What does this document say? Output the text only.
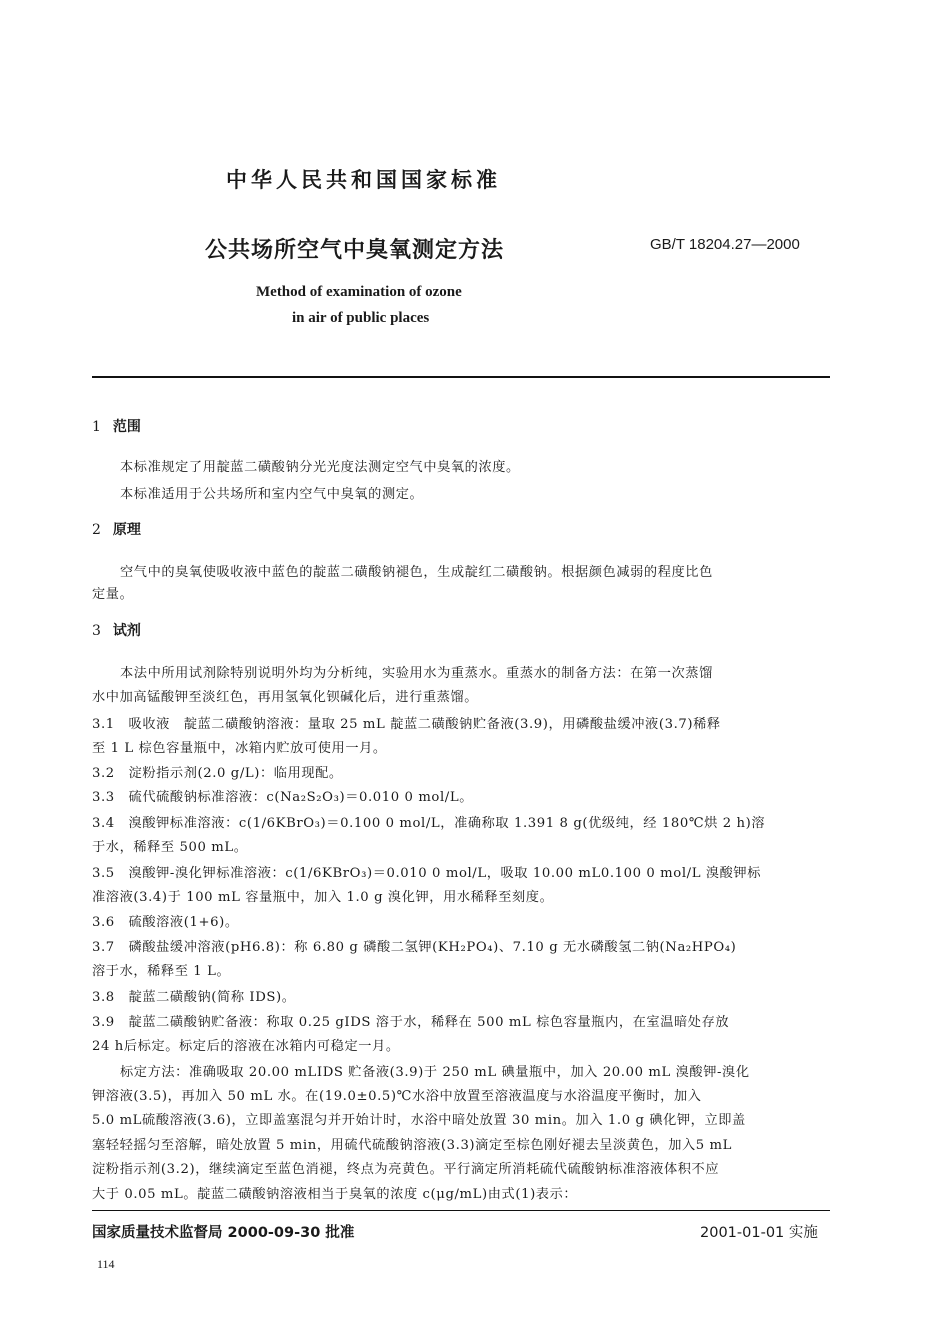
中华人民共和国国家标准
公共场所空气中臭氧测定方法	GB/T 18204.27—2000
Method of examination of ozone
in air of public places
1 范围
本标准规定了用靛蓝二磺酸钠分光光度法测定空气中臭氧的浓度。
本标准适用于公共场所和室内空气中臭氧的测定。
2 原理
空气中的臭氧使吸收液中蓝色的靛蓝二磺酸钠褪色，生成靛红二磺酸钠。根据颜色减弱的程度比色
定量。
3 试剂
本法中所用试剂除特别说明外均为分析纯，实验用水为重蒸水。重蒸水的制备方法：在第一次蒸馏
水中加高锰酸钾至淡红色，再用氢氧化钡碱化后，进行重蒸馏。
3.1　吸收液　靛蓝二磺酸钠溶液：量取 25 mL 靛蓝二磺酸钠贮备液(3.9)，用磷酸盐缓冲液(3.7)稀释
至 1 L 棕色容量瓶中，冰箱内贮放可使用一月。
3.2　淀粉指示剂(2.0 g/L)：临用现配。
3.3　硫代硫酸钠标准溶液：c(Na₂S₂O₃)＝0.010 0 mol/L。
3.4　溴酸钾标准溶液：c(1/6KBrO₃)＝0.100 0 mol/L，准确称取 1.391 8 g(优级纯，经 180℃烘 2 h)溶
于水，稀释至 500 mL。
3.5　溴酸钾-溴化钾标准溶液：c(1/6KBrO₃)＝0.010 0 mol/L，吸取 10.00 mL0.100 0 mol/L 溴酸钾标
准溶液(3.4)于 100 mL 容量瓶中，加入 1.0 g 溴化钾，用水稀释至刻度。
3.6　硫酸溶液(1+6)。
3.7　磷酸盐缓冲溶液(pH6.8)：称 6.80 g 磷酸二氢钾(KH₂PO₄)、7.10 g 无水磷酸氢二钠(Na₂HPO₄)
溶于水，稀释至 1 L。
3.8　靛蓝二磺酸钠(简称 IDS)。
3.9　靛蓝二磺酸钠贮备液：称取 0.25 gIDS 溶于水，稀释在 500 mL 棕色容量瓶内，在室温暗处存放
24 h后标定。标定后的溶液在冰箱内可稳定一月。
标定方法：准确吸取 20.00 mLIDS 贮备液(3.9)于 250 mL 碘量瓶中，加入 20.00 mL 溴酸钾-溴化
钾溶液(3.5)，再加入 50 mL 水。在(19.0±0.5)℃水浴中放置至溶液温度与水浴温度平衡时，加入
5.0 mL硫酸溶液(3.6)，立即盖塞混匀并开始计时，水浴中暗处放置 30 min。加入 1.0 g 碘化钾，立即盖
塞轻轻摇匀至溶解，暗处放置 5 min，用硫代硫酸钠溶液(3.3)滴定至棕色刚好褪去呈淡黄色，加入5 mL
淀粉指示剂(3.2)，继续滴定至蓝色消褪，终点为亮黄色。平行滴定所消耗硫代硫酸钠标准溶液体积不应
大于 0.05 mL。靛蓝二磺酸钠溶液相当于臭氧的浓度 c(μg/mL)由式(1)表示：
国家质量技术监督局 2000-09-30 批准	2001-01-01 实施
114
